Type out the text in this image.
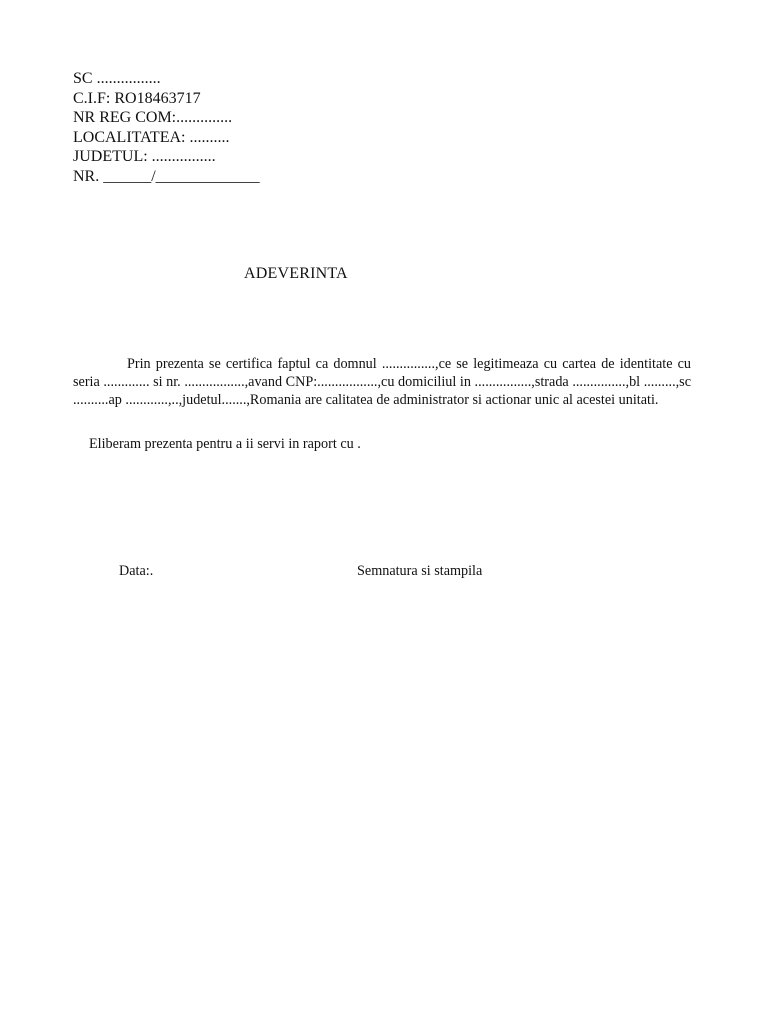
SC ................
C.I.F: RO18463717
NR REG COM:..............
LOCALITATEA: ..........
JUDETUL: ................
NR. ______/_____________
ADEVERINTA
Prin prezenta se certifica faptul ca domnul ...............,ce se legitimeaza cu cartea de identitate cu seria ............. si nr. .................,avand CNP:.................,cu domiciliul in ................,strada ...............,bl .........,sc ..........ap ............,..,judetul.......,Romania are calitatea de administrator si actionar unic al acestei unitati.
Eliberam prezenta pentru a ii servi in raport cu .
Data:.	Semnatura si stampila
